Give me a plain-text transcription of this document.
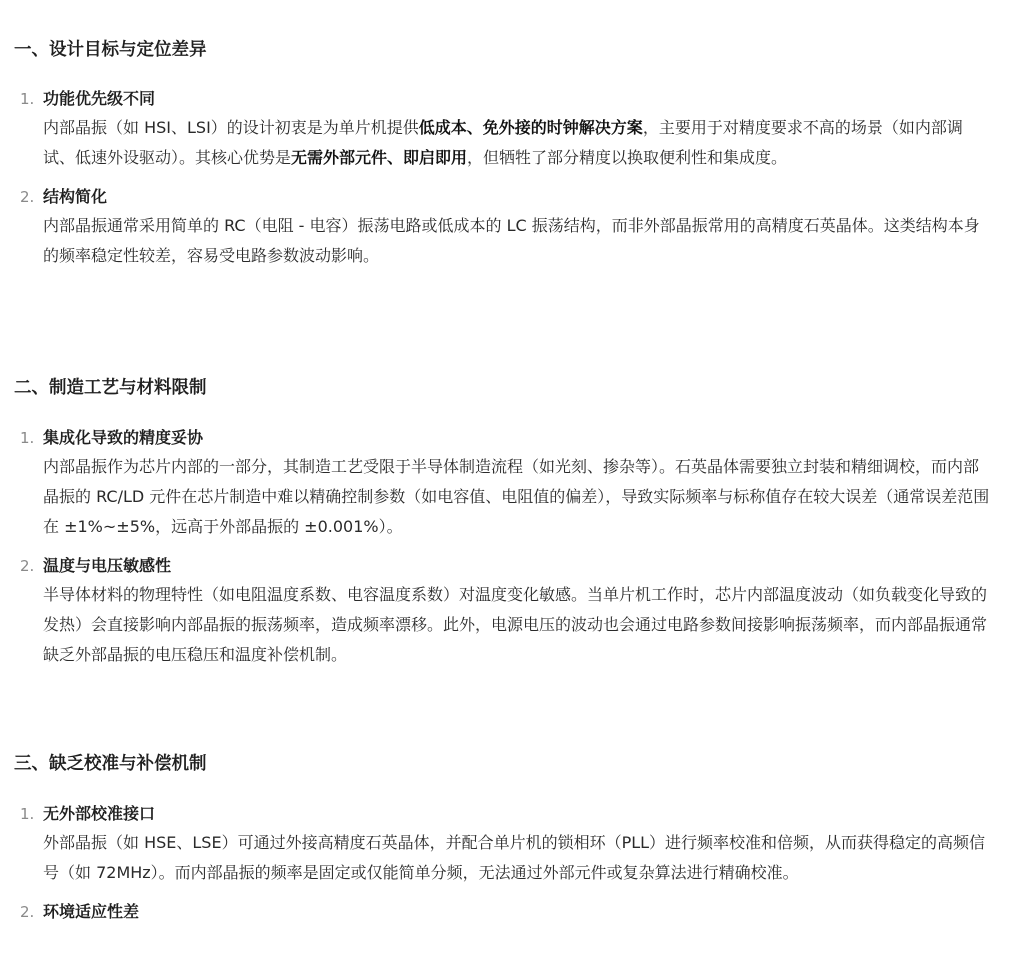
一、设计目标与定位差异
1. 功能优先级不同
内部晶振（如 HSI、LSI）的设计初衷是为单片机提供低成本、免外接的时钟解决方案，主要用于对精度要求不高的场景（如内部调试、低速外设驱动）。其核心优势是无需外部元件、即启即用，但牺牲了部分精度以换取便利性和集成度。
2. 结构简化
内部晶振通常采用简单的 RC（电阻 - 电容）振荡电路或低成本的 LC 振荡结构，而非外部晶振常用的高精度石英晶体。这类结构本身的频率稳定性较差，容易受电路参数波动影响。
二、制造工艺与材料限制
1. 集成化导致的精度妥协
内部晶振作为芯片内部的一部分，其制造工艺受限于半导体制造流程（如光刻、掺杂等）。石英晶体需要独立封装和精细调校，而内部晶振的 RC/LD 元件在芯片制造中难以精确控制参数（如电容值、电阻值的偏差），导致实际频率与标称值存在较大误差（通常误差范围在 ±1%~±5%，远高于外部晶振的 ±0.001%）。
2. 温度与电压敏感性
半导体材料的物理特性（如电阻温度系数、电容温度系数）对温度变化敏感。当单片机工作时，芯片内部温度波动（如负载变化导致的发热）会直接影响内部晶振的振荡频率，造成频率漂移。此外，电源电压的波动也会通过电路参数间接影响振荡频率，而内部晶振通常缺乏外部晶振的电压稳压和温度补偿机制。
三、缺乏校准与补偿机制
1. 无外部校准接口
外部晶振（如 HSE、LSE）可通过外接高精度石英晶体，并配合单片机的锁相环（PLL）进行频率校准和倍频，从而获得稳定的高频信号（如 72MHz）。而内部晶振的频率是固定或仅能简单分频，无法通过外部元件或复杂算法进行精确校准。
2. 环境适应性差
